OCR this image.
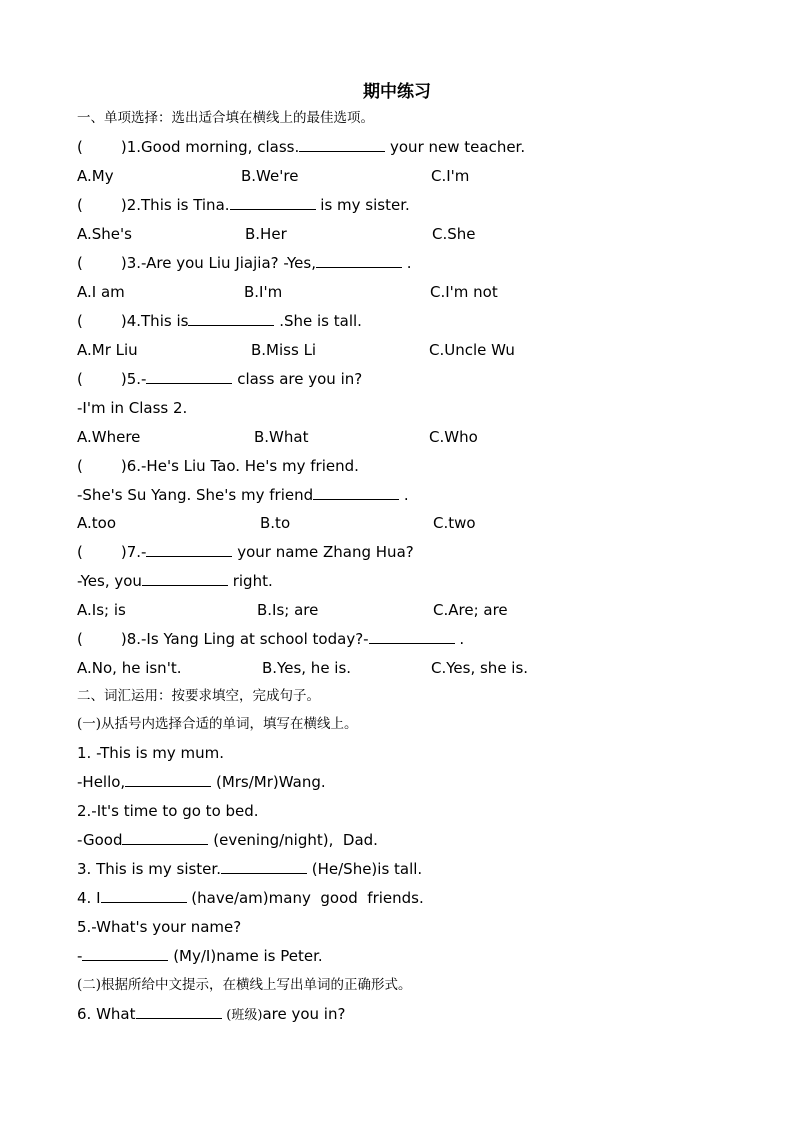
期中练习
一、单项选择：选出适合填在横线上的最佳选项。
(	)1.Good morning, class.	your new teacher.
A.My	B.We're	C.I'm
(	)2.This is Tina.	is my sister.
A.She's	B.Her	C.She
(	)3.-Are you Liu Jiajia? -Yes,	.
A.I am	B.I'm	C.I'm not
(	)4.This is	.She is tall.
A.Mr Liu	B.Miss Li	C.Uncle Wu
(	)5.-	class are you in?
-I'm in Class 2.
A.Where	B.What	C.Who
(	)6.-He's Liu Tao. He's my friend.
-She's Su Yang. She's my friend	.
A.too	B.to	C.two
(	)7.-	your name Zhang Hua?
-Yes, you	right.
A.Is; is	B.Is; are	C.Are; are
(	)8.-Is Yang Ling at school today?-	.
A.No, he isn't.	B.Yes, he is.	C.Yes, she is.
二、词汇运用：按要求填空，完成句子。
(一)从括号内选择合适的单词，填写在横线上。
1. -This is my mum.
-Hello,	(Mrs/Mr)Wang.
2.-It's time to go to bed.
-Good	(evening/night),  Dad.
3. This is my sister.	(He/She)is tall.
4. I	(have/am)many  good  friends.
5.-What's your name?
-	(My/I)name is Peter.
(二)根据所给中文提示，在横线上写出单词的正确形式。
6. What	(班级)are you in?
